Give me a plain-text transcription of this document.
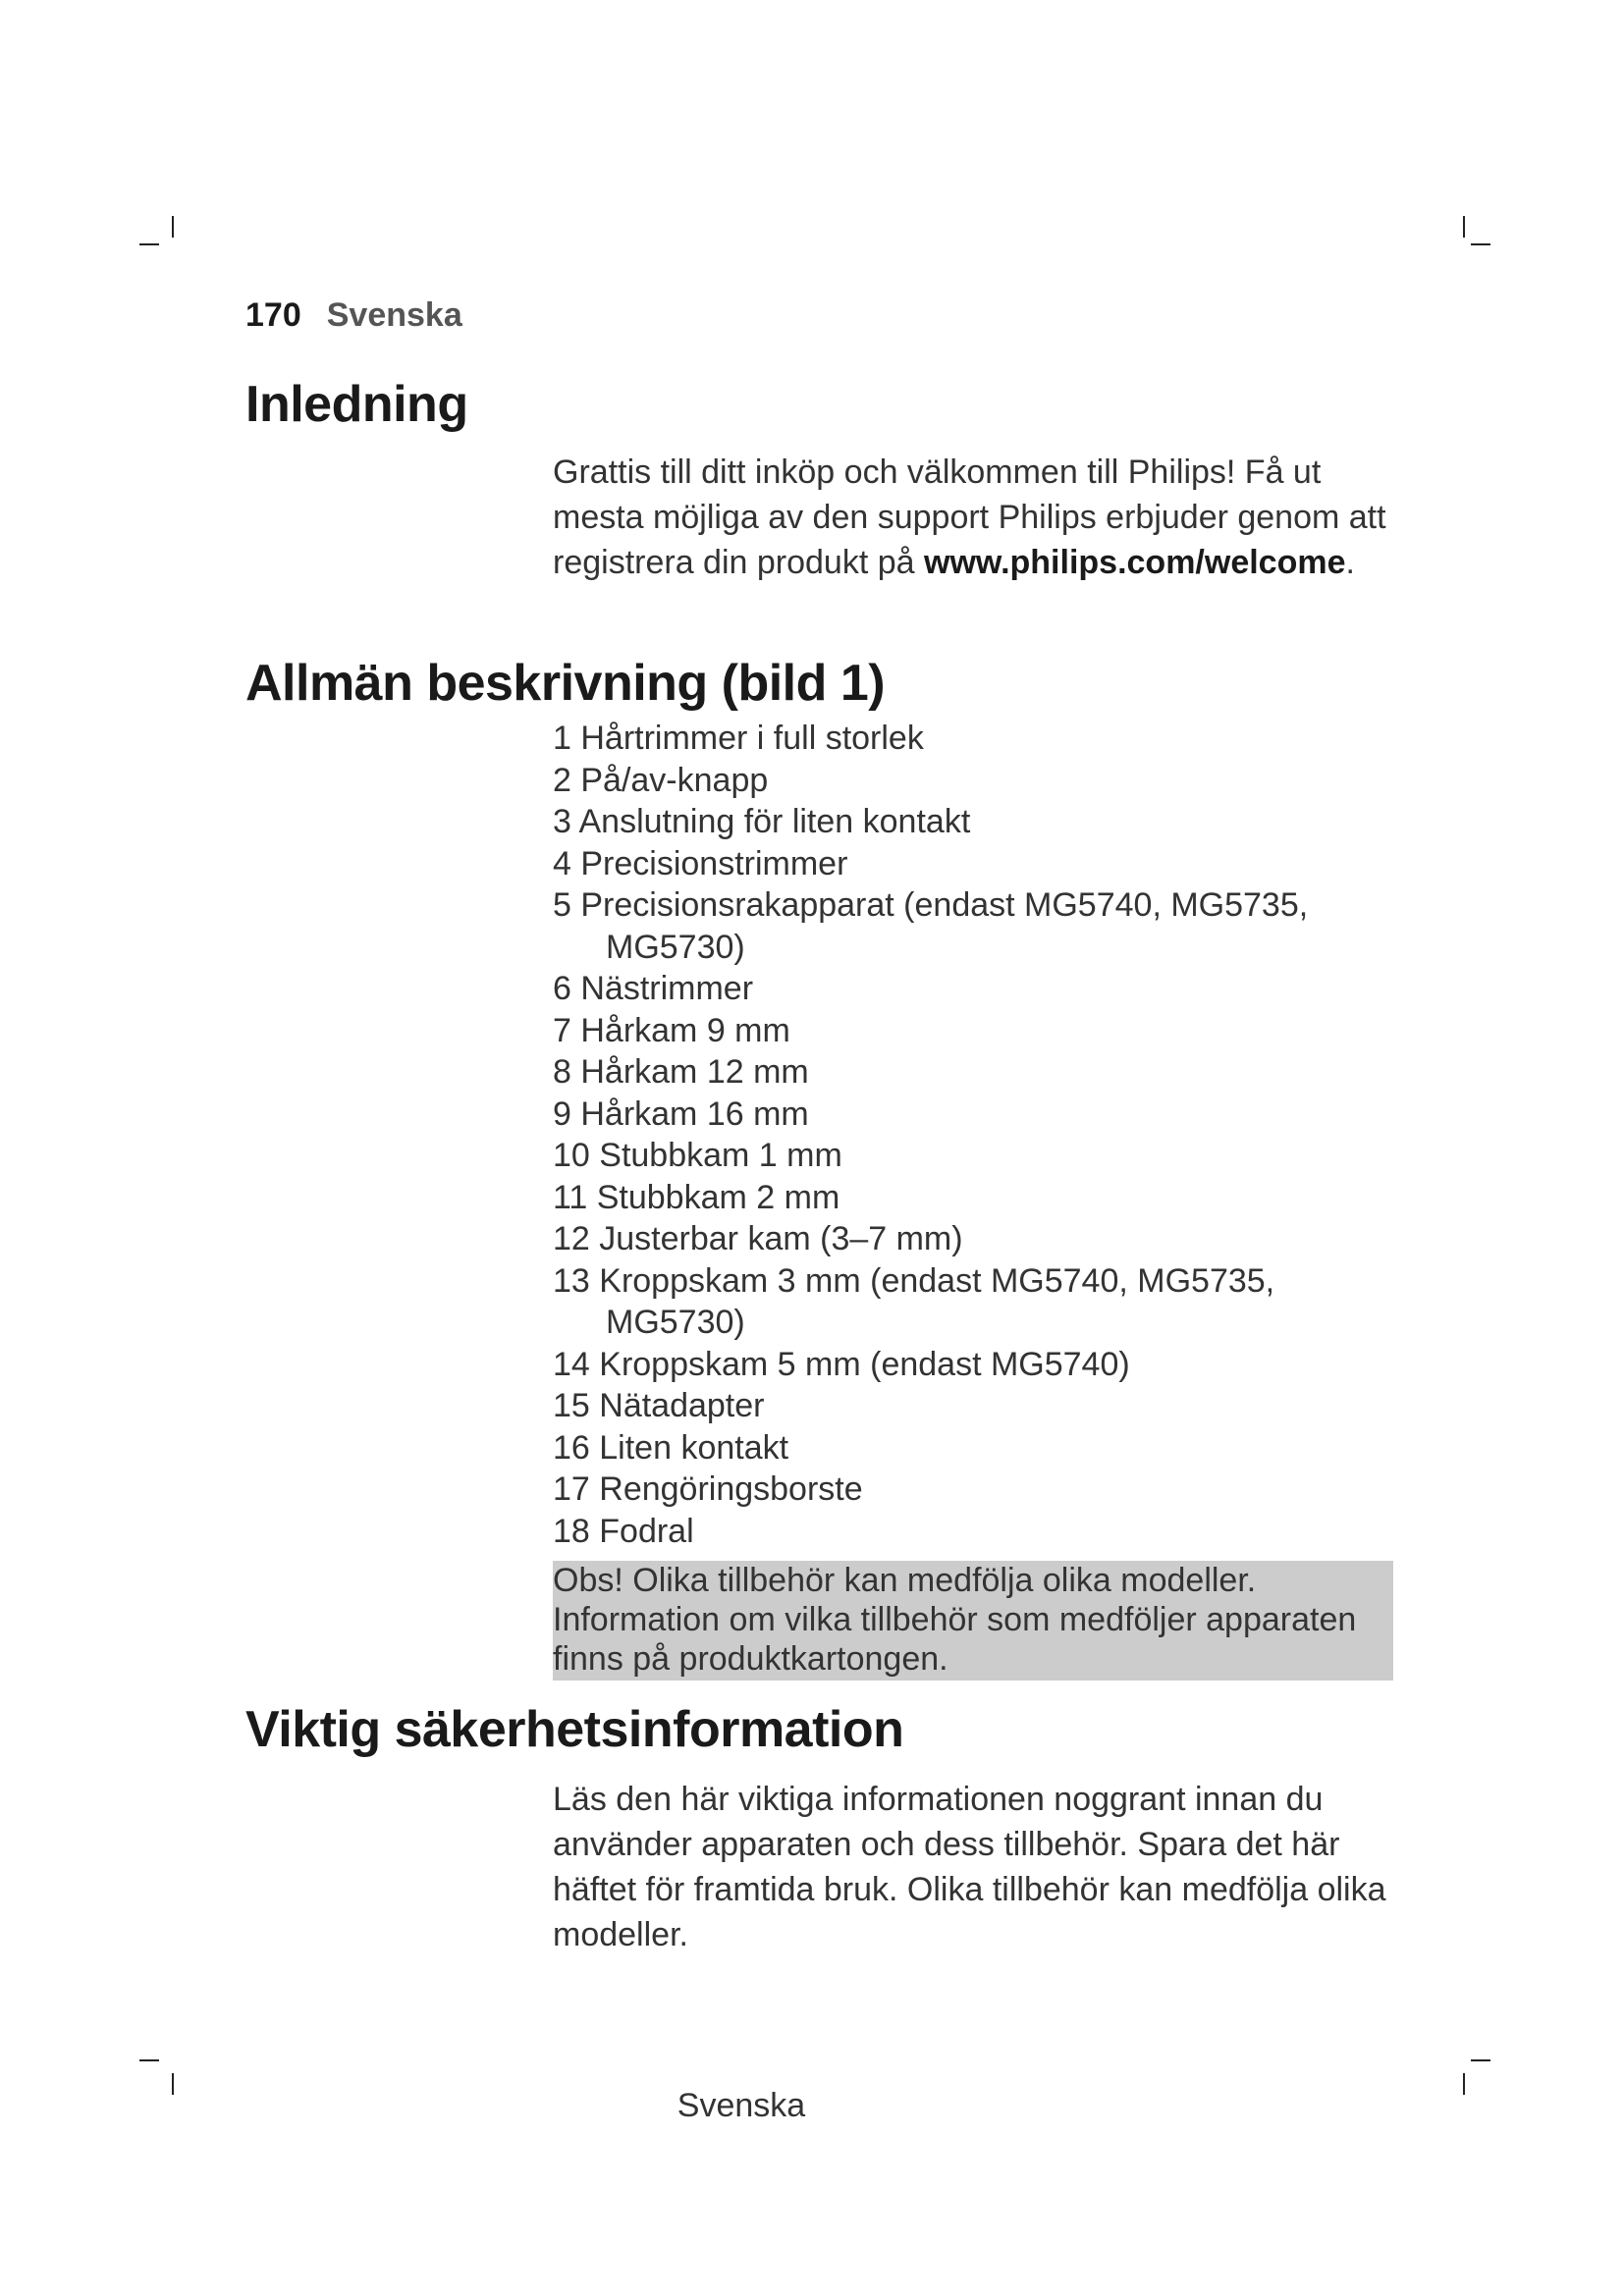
170 Svenska
Inledning
Grattis till ditt inköp och välkommen till Philips! Få ut mesta möjliga av den support Philips erbjuder genom att registrera din produkt på www.philips.com/welcome.
Allmän beskrivning (bild 1)
1 Hårtrimmer i full storlek
2 På/av-knapp
3 Anslutning för liten kontakt
4 Precisionstrimmer
5 Precisionsrakapparat (endast MG5740, MG5735,
MG5730)
6 Nästrimmer
7 Hårkam 9 mm
8 Hårkam 12 mm
9 Hårkam 16 mm
10 Stubbkam 1 mm
11 Stubbkam 2 mm
12 Justerbar kam (3–7 mm)
13 Kroppskam 3 mm (endast MG5740, MG5735,
MG5730)
14 Kroppskam 5 mm (endast MG5740)
15 Nätadapter
16 Liten kontakt
17 Rengöringsborste
18 Fodral
Obs! Olika tillbehör kan medfölja olika modeller. Information om vilka tillbehör som medföljer apparaten finns på produktkartongen.
Viktig säkerhetsinformation
Läs den här viktiga informationen noggrant innan du använder apparaten och dess tillbehör. Spara det här häftet för framtida bruk. Olika tillbehör kan medfölja olika modeller.
Svenska
